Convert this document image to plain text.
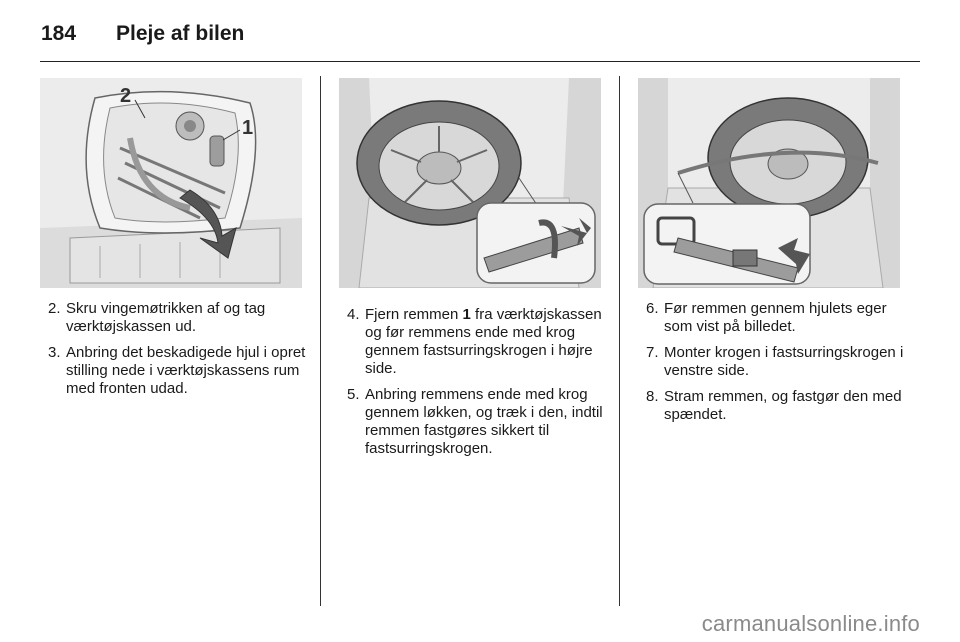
184	Pleje af bilen
2
1
2. Skru vingemøtrikken af og tag værktøjskassen ud.
3. Anbring det beskadigede hjul i opret stilling nede i værktøjskassens rum med fronten udad.
4. Fjern remmen 1 fra værktøjskassen og før remmens ende med krog gennem fastsurringskrogen i højre side.
5. Anbring remmens ende med krog gennem løkken, og træk i den, indtil remmen fastgøres sikkert til fastsurringskrogen.
6. Før remmen gennem hjulets eger som vist på billedet.
7. Monter krogen i fastsurringskrogen i venstre side.
8. Stram remmen, og fastgør den med spændet.
carmanualsonline.info
